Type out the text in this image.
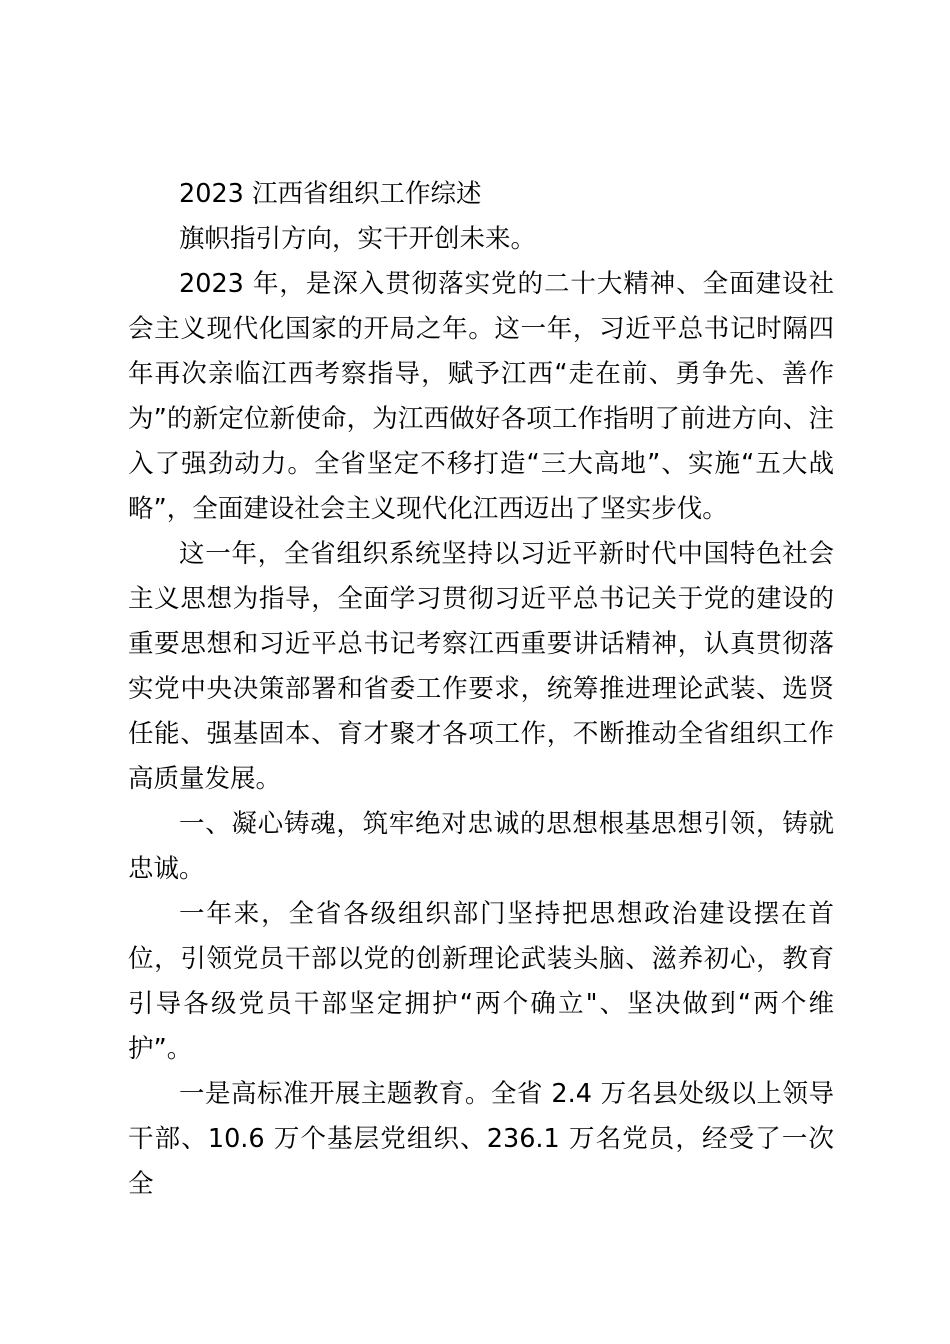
2023 江西省组织工作综述

旗帜指引方向，实干开创未来。

2023 年，是深入贯彻落实党的二十大精神、全面建设社会主义现代化国家的开局之年。这一年，习近平总书记时隔四年再次亲临江西考察指导，赋予江西“走在前、勇争先、善作为”的新定位新使命，为江西做好各项工作指明了前进方向、注入了强劲动力。全省坚定不移打造“三大高地”、实施“五大战略”，全面建设社会主义现代化江西迈出了坚实步伐。

这一年，全省组织系统坚持以习近平新时代中国特色社会主义思想为指导，全面学习贯彻习近平总书记关于党的建设的重要思想和习近平总书记考察江西重要讲话精神，认真贯彻落实党中央决策部署和省委工作要求，统筹推进理论武装、选贤任能、强基固本、育才聚才各项工作，不断推动全省组织工作高质量发展。

一、凝心铸魂，筑牢绝对忠诚的思想根基思想引领，铸就忠诚。

一年来，全省各级组织部门坚持把思想政治建设摆在首位，引领党员干部以党的创新理论武装头脑、滋养初心，教育引导各级党员干部坚定拥护“两个确立"、坚决做到“两个维护”。

一是高标准开展主题教育。全省 2.4 万名县处级以上领导干部、10.6 万个基层党组织、236.1 万名党员，经受了一次全
